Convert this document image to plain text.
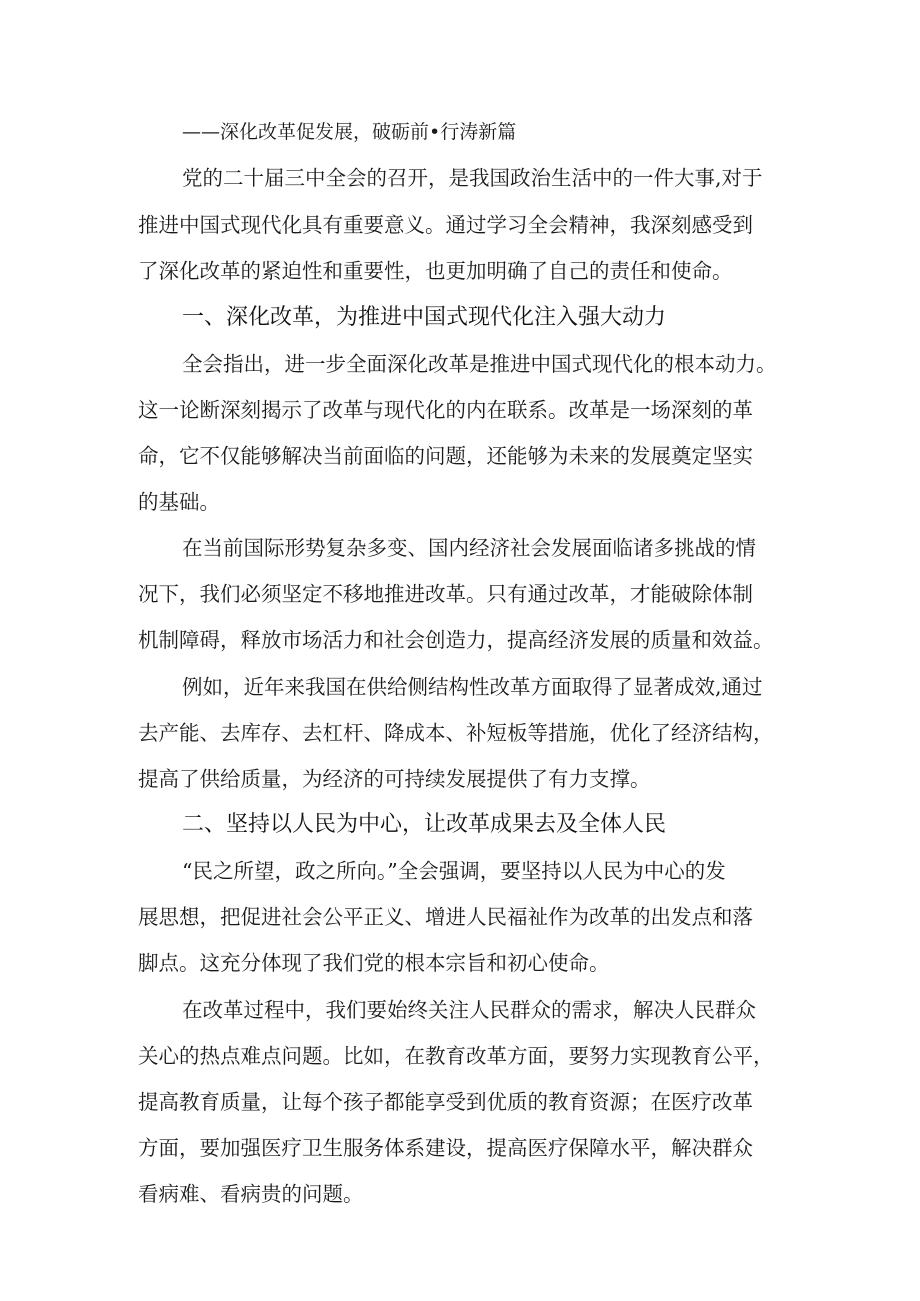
——深化改革促发展，破砺前•行涛新篇
党的二十届三中全会的召开，是我国政治生活中的一件大事,对于
推进中国式现代化具有重要意义。通过学习全会精神，我深刻感受到
了深化改革的紧迫性和重要性，也更加明确了自己的责任和使命。
一、深化改革，为推进中国式现代化注入强大动力
全会指出，进一步全面深化改革是推进中国式现代化的根本动力。
这一论断深刻揭示了改革与现代化的内在联系。改革是一场深刻的革
命，它不仅能够解决当前面临的问题，还能够为未来的发展奠定坚实
的基础。
在当前国际形势复杂多变、国内经济社会发展面临诸多挑战的情
况下，我们必须坚定不移地推进改革。只有通过改革，才能破除体制
机制障碍，释放市场活力和社会创造力，提高经济发展的质量和效益。
例如，近年来我国在供给侧结构性改革方面取得了显著成效,通过
去产能、去库存、去杠杆、降成本、补短板等措施，优化了经济结构，
提高了供给质量，为经济的可持续发展提供了有力支撑。
二、坚持以人民为中心，让改革成果去及全体人民
“民之所望，政之所向。”全会强调，要坚持以人民为中心的发
展思想，把促进社会公平正义、增进人民福祉作为改革的出发点和落
脚点。这充分体现了我们党的根本宗旨和初心使命。
在改革过程中，我们要始终关注人民群众的需求，解决人民群众
关心的热点难点问题。比如，在教育改革方面，要努力实现教育公平，
提高教育质量，让每个孩子都能享受到优质的教育资源；在医疗改革
方面，要加强医疗卫生服务体系建设，提高医疗保障水平，解决群众
看病难、看病贵的问题。
